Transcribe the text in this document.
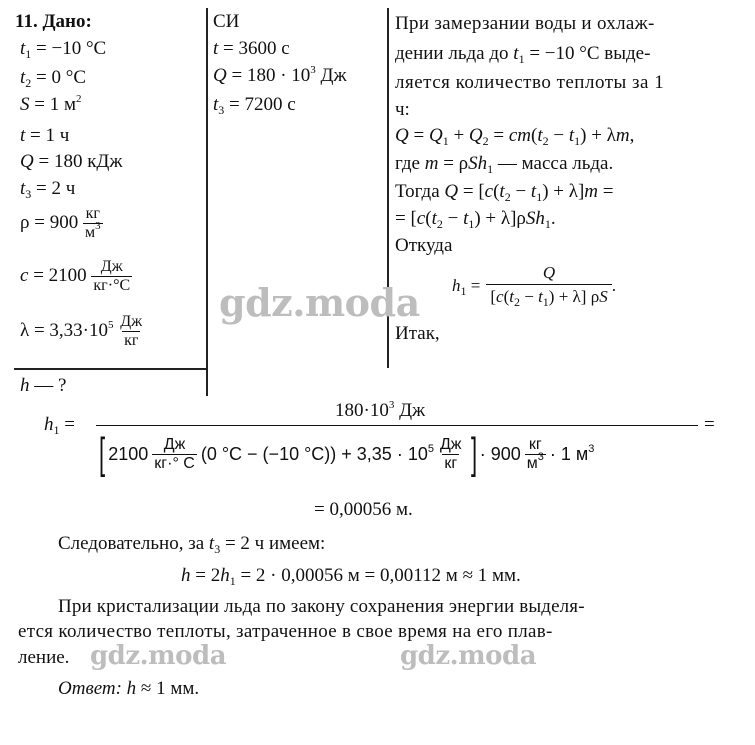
11. Дано:
$t_1 = -10$ °C
$t_2 = 0$ °C
S = 1 $м^2$
t = 1 ч
Q = 180 кДж
$t_3 = 2$ ч
$\rho = 900 \frac{кг}{м^3}$
$c = 2100 \frac{Дж}{кг\cdot^\circ C}$
$\lambda = 3,33\cdot 10^5 \frac{Дж}{кг}$
h — ?
СИ
t = 3600 с
$Q = 180 \cdot 10^3$ Дж
$t_3 = 7200$ с
При замерзании воды и охлаж-
дении льда до $t_1 = -10$ °C выде-
ляется количество теплоты за 1
ч:
$Q = Q_1 + Q_2 = cm(t_2 - t_1) + \lambda m$,
где m = ρSh$_1$ — масса льда.
Тогда $Q = [c(t_2 - t_1) + \lambda]m$ =
= $[c(t_2 - t_1) + \lambda]\rho Sh_1$.
Откуда
$h_1 = \frac{Q}{[c(t_2 - t_1) + \lambda] \rho S}$ .
Итак,
$h_1$ =
$180\cdot 10^3$ Дж
=
[ $2100 \frac{Дж}{кг\cdot^\circ C} (0$ °C − (−10 $^\circ C)) + 3,35 \cdot 10^5 \frac{Дж}{кг}$ ] · $900 \frac{кг}{м^3} \cdot 1$ $м^3$
= 0,00056 м.
Следовательно, за $t_3 = 2$ ч имеем:
$h = 2h_1 = 2 \cdot 0,00056$ м = 0,00112 м ≈ 1 мм.
При кристализации льда по закону сохранения энергии выделя-
ется количество теплоты, затраченное в свое время на его плав-
ление.
Ответ: h ≈ 1 мм.
gdz.moda
gdz.moda	gdz.moda
